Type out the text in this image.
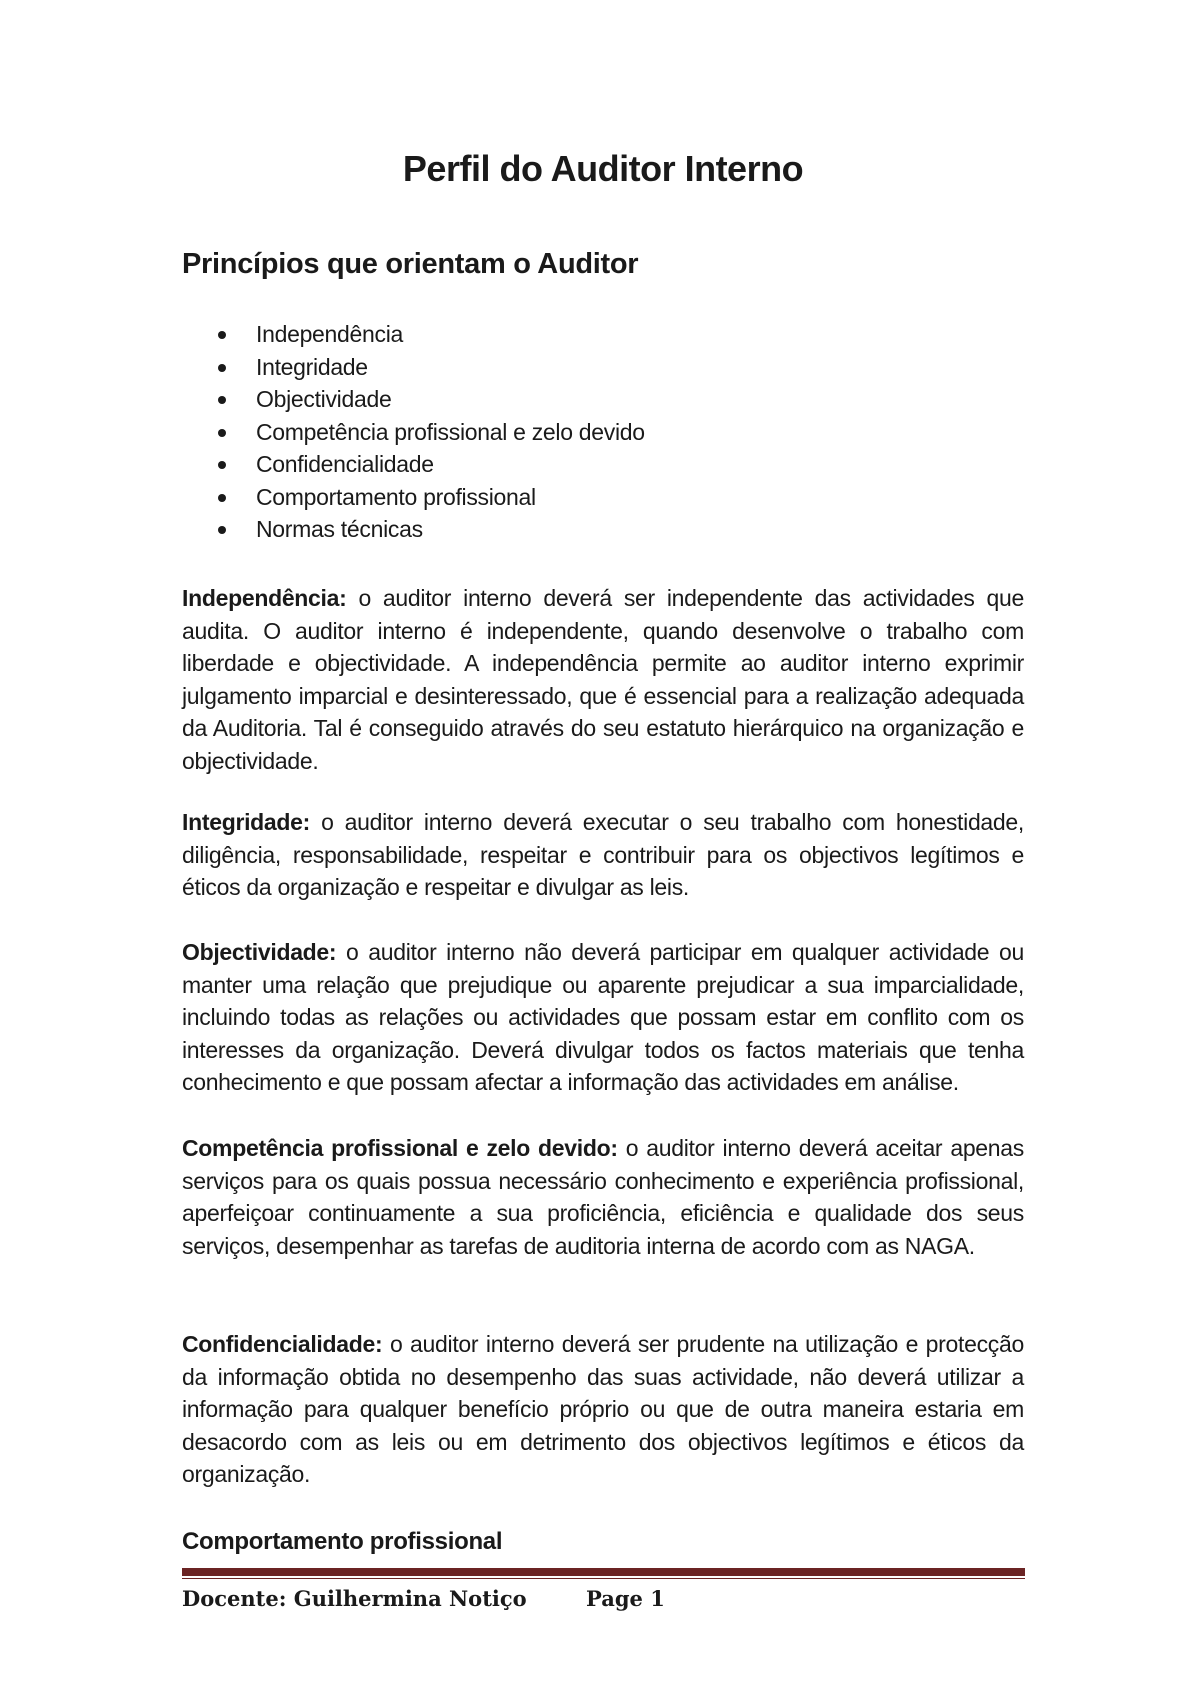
Perfil do Auditor Interno
Princípios que orientam o Auditor
Independência
Integridade
Objectividade
Competência profissional e zelo devido
Confidencialidade
Comportamento profissional
Normas técnicas

Independência: o auditor interno deverá ser independente das actividades que audita. O auditor interno é independente, quando desenvolve o trabalho com liberdade e objectividade. A independência permite ao auditor interno exprimir julgamento imparcial e desinteressado, que é essencial para a realização adequada da Auditoria. Tal é conseguido através do seu estatuto hierárquico na organização e objectividade.

Integridade: o auditor interno deverá executar o seu trabalho com honestidade, diligência, responsabilidade, respeitar e contribuir para os objectivos legítimos e éticos da organização e respeitar e divulgar as leis.

Objectividade: o auditor interno não deverá participar em qualquer actividade ou manter uma relação que prejudique ou aparente prejudicar a sua imparcialidade, incluindo todas as relações ou actividades que possam estar em conflito com os interesses da organização. Deverá divulgar todos os factos materiais que tenha conhecimento e que possam afectar a informação das actividades em análise.

Competência profissional e zelo devido: o auditor interno deverá aceitar apenas serviços para os quais possua necessário conhecimento e experiência profissional, aperfeiçoar continuamente a sua proficiência, eficiência e qualidade dos seus serviços, desempenhar as tarefas de auditoria interna de acordo com as NAGA.

Confidencialidade: o auditor interno deverá ser prudente na utilização e protecção da informação obtida no desempenho das suas actividade, não deverá utilizar a informação para qualquer benefício próprio ou que de outra maneira estaria em desacordo com as leis ou em detrimento dos objectivos legítimos e éticos da organização.

Comportamento profissional

Docente: Guilhermina Notiço	Page 1
